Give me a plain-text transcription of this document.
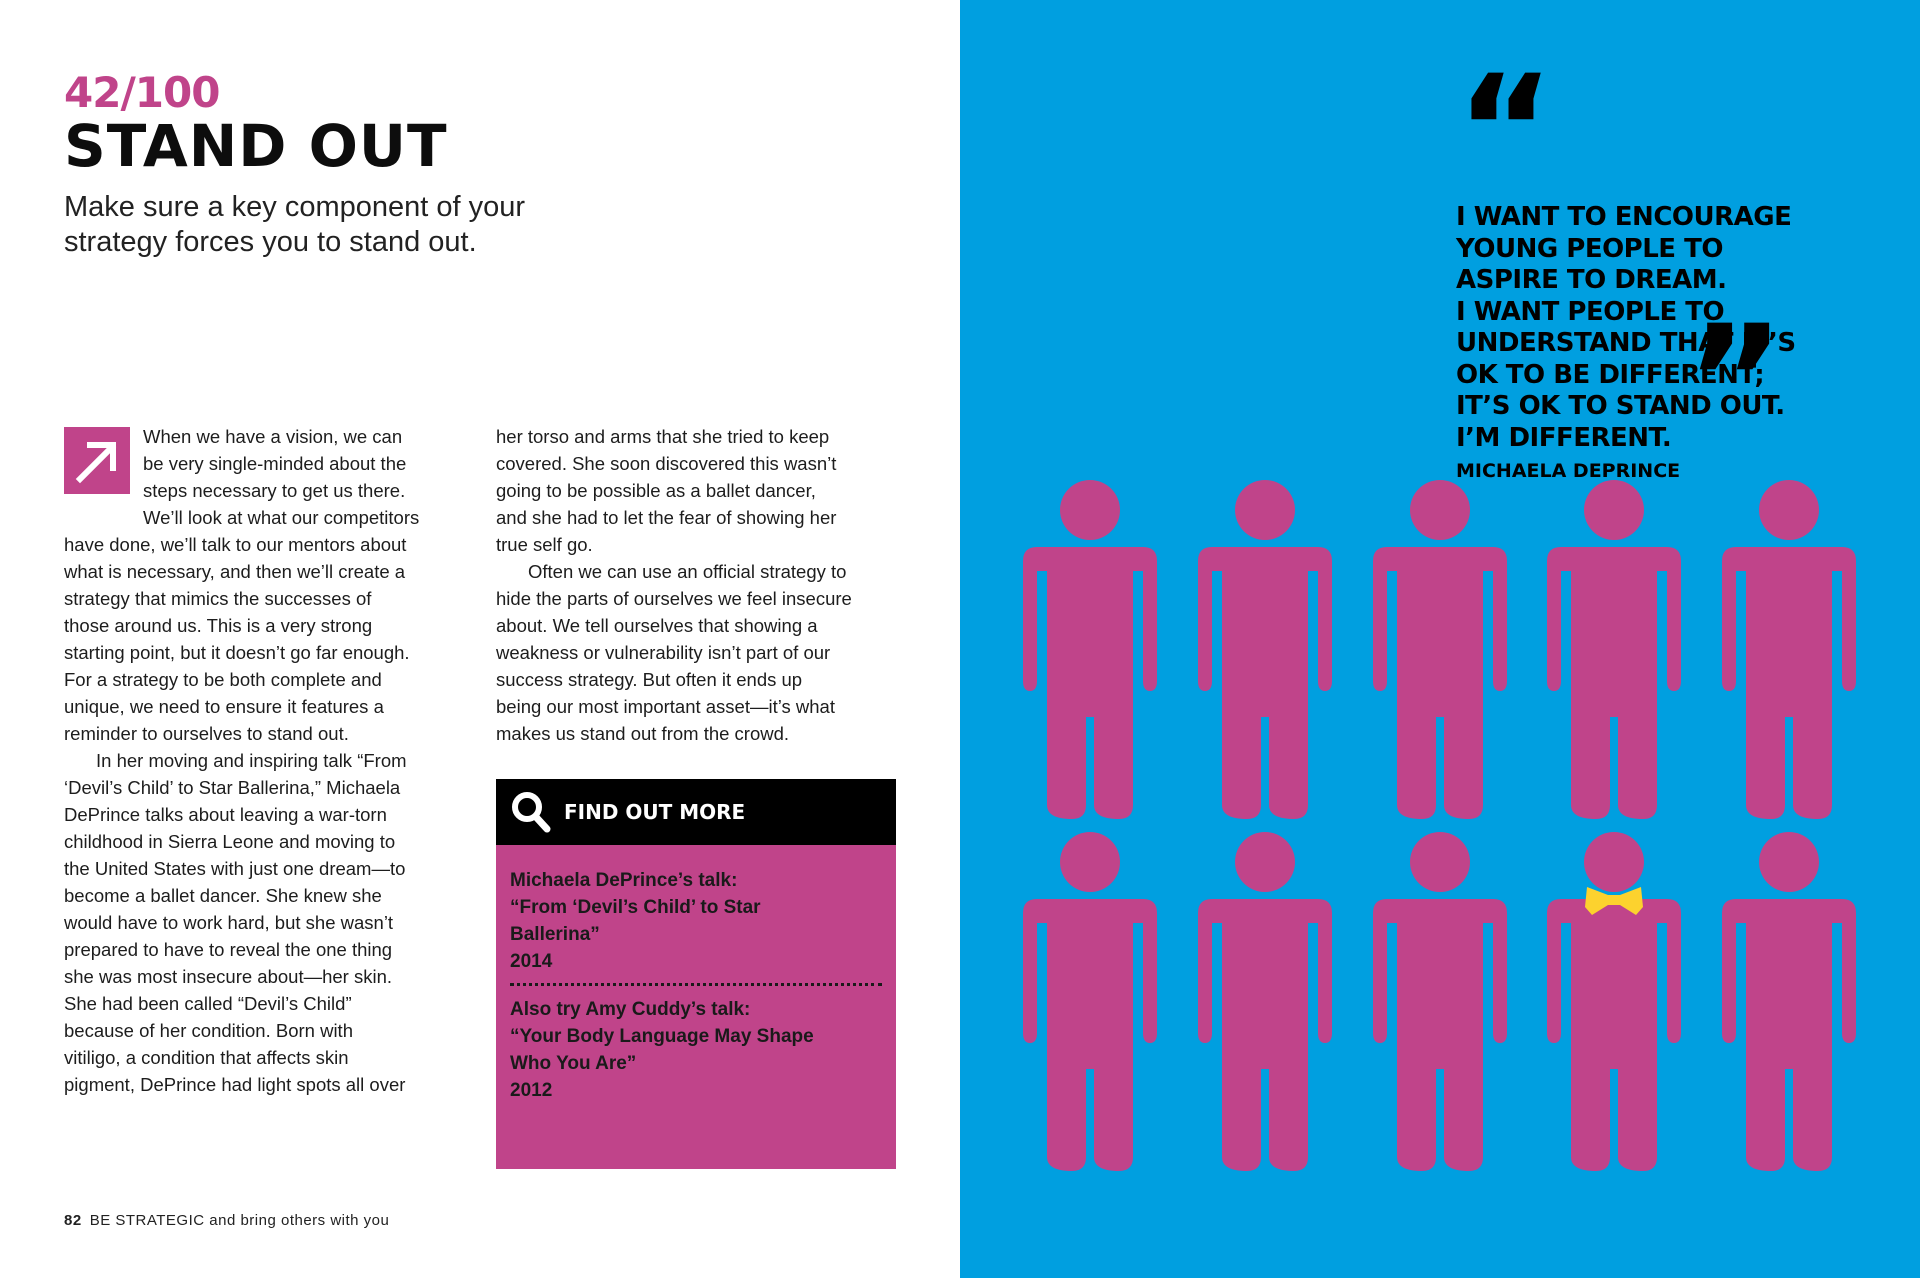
42/100
STAND OUT
Make sure a key component of your
strategy forces you to stand out.
When we have a vision, we can
be very single-minded about the
steps necessary to get us there.
We’ll look at what our competitors
have done, we’ll talk to our mentors about
what is necessary, and then we’ll create a
strategy that mimics the successes of
those around us. This is a very strong
starting point, but it doesn’t go far enough.
For a strategy to be both complete and
unique, we need to ensure it features a
reminder to ourselves to stand out.
In her moving and inspiring talk “From
‘Devil’s Child’ to Star Ballerina,” Michaela
DePrince talks about leaving a war-torn
childhood in Sierra Leone and moving to
the United States with just one dream—to
become a ballet dancer. She knew she
would have to work hard, but she wasn’t
prepared to have to reveal the one thing
she was most insecure about—her skin.
She had been called “Devil’s Child”
because of her condition. Born with
vitiligo, a condition that affects skin
pigment, DePrince had light spots all over
her torso and arms that she tried to keep
covered. She soon discovered this wasn’t
going to be possible as a ballet dancer,
and she had to let the fear of showing her
true self go.
Often we can use an official strategy to
hide the parts of ourselves we feel insecure
about. We tell ourselves that showing a
weakness or vulnerability isn’t part of our
success strategy. But often it ends up
being our most important asset—it’s what
makes us stand out from the crowd.
FIND OUT MORE
Michaela DePrince’s talk:
“From ‘Devil’s Child’ to Star
Ballerina”
2014
Also try Amy Cuddy’s talk:
“Your Body Language May Shape
Who You Are”
2012
82 BE STRATEGIC and bring others with you
“
I WANT TO ENCOURAGE
YOUNG PEOPLE TO
ASPIRE TO DREAM.
I WANT PEOPLE TO
UNDERSTAND THAT IT’S
OK TO BE DIFFERENT;
IT’S OK TO STAND OUT.
I’M DIFFERENT.
MICHAELA DEPRINCE
”
